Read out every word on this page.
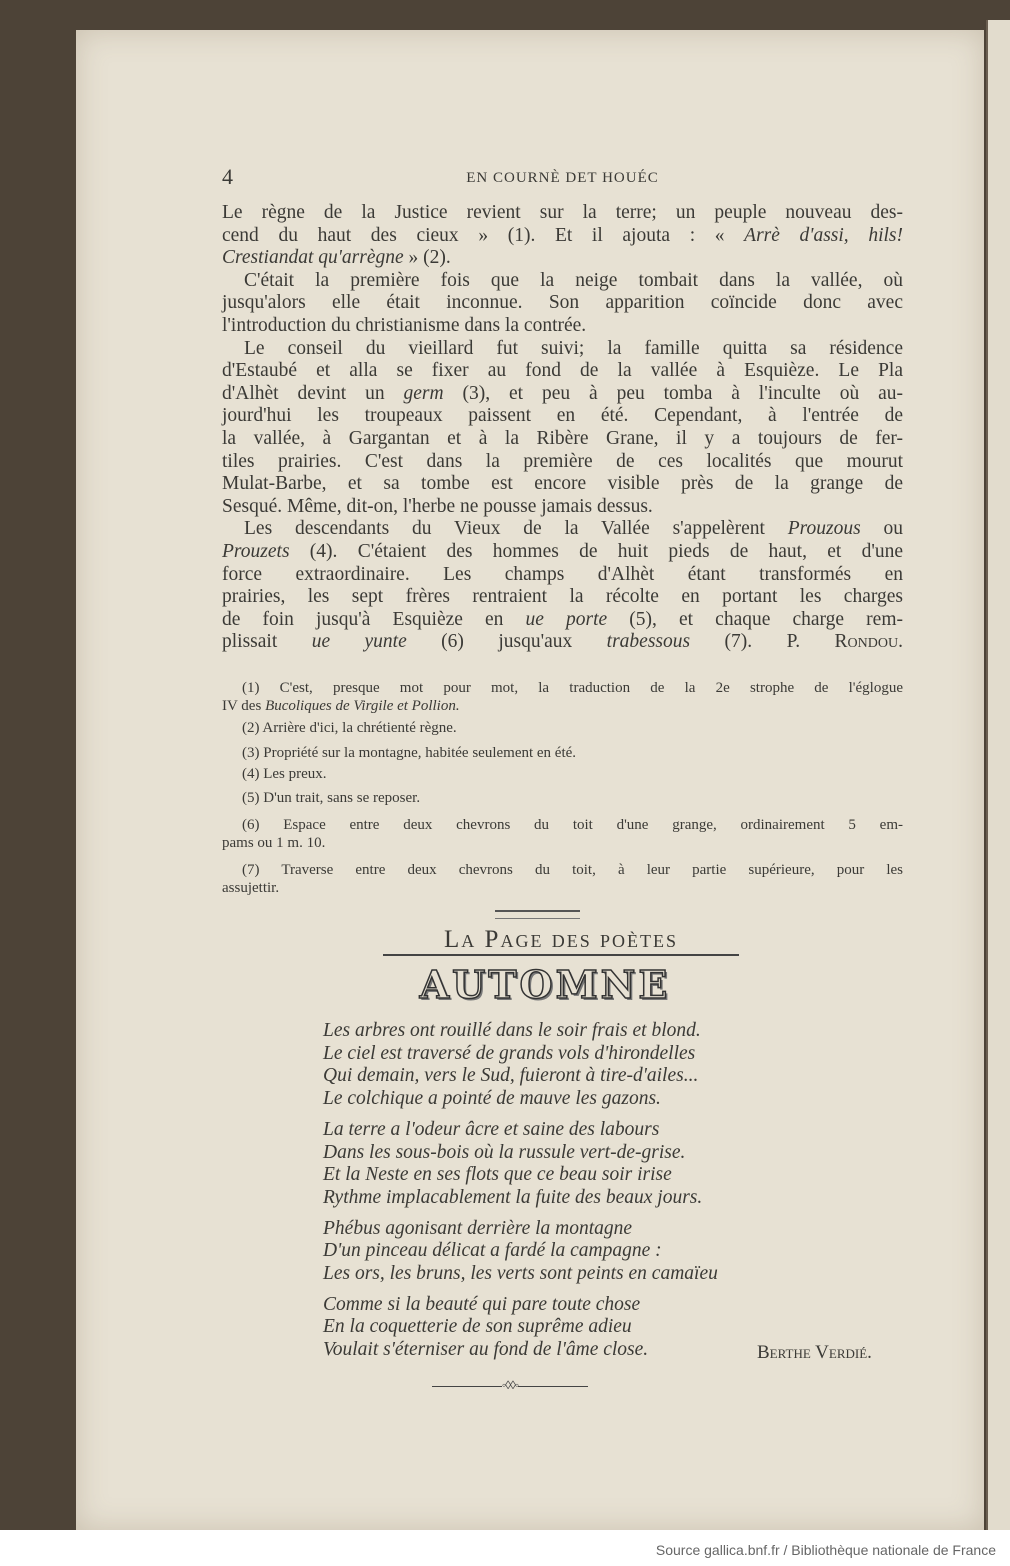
4	EN COURNÈ DET HOUÉC
Le règne de la Justice revient sur la terre; un peuple nouveau des-
cend du haut des cieux » (1). Et il ajouta : « Arrè d'assi, hils!
Crestiandat qu'arrègne » (2).
C'était la première fois que la neige tombait dans la vallée, où
jusqu'alors elle était inconnue. Son apparition coïncide donc avec
l'introduction du christianisme dans la contrée.
Le conseil du vieillard fut suivi; la famille quitta sa résidence
d'Estaubé et alla se fixer au fond de la vallée à Esquièze. Le Pla
d'Alhèt devint un germ (3), et peu à peu tomba à l'inculte où au-
jourd'hui les troupeaux paissent en été. Cependant, à l'entrée de
la vallée, à Gargantan et à la Ribère Grane, il y a toujours de fer-
tiles prairies. C'est dans la première de ces localités que mourut
Mulat-Barbe, et sa tombe est encore visible près de la grange de
Sesqué. Même, dit-on, l'herbe ne pousse jamais dessus.
Les descendants du Vieux de la Vallée s'appelèrent Prouzous ou
Prouzets (4). C'étaient des hommes de huit pieds de haut, et d'une
force extraordinaire. Les champs d'Alhèt étant transformés en
prairies, les sept frères rentraient la récolte en portant les charges
de foin jusqu'à Esquièze en ue porte (5), et chaque charge rem-
plissait ue yunte (6) jusqu'aux trabessous (7). P. Rondou.
(1) C'est, presque mot pour mot, la traduction de la 2e strophe de l'églogue
IV des Bucoliques de Virgile et Pollion.
(2) Arrière d'ici, la chrétienté règne.
(3) Propriété sur la montagne, habitée seulement en été.
(4) Les preux.
(5) D'un trait, sans se reposer.
(6) Espace entre deux chevrons du toit d'une grange, ordinairement 5 em-
pams ou 1 m. 10.
(7) Traverse entre deux chevrons du toit, à leur partie supérieure, pour les
assujettir.
La Page des poètes
AUTOMNE
Les arbres ont rouillé dans le soir frais et blond.
Le ciel est traversé de grands vols d'hirondelles
Qui demain, vers le Sud, fuieront à tire-d'ailes...
Le colchique a pointé de mauve les gazons.
La terre a l'odeur âcre et saine des labours
Dans les sous-bois où la russule vert-de-grise.
Et la Neste en ses flots que ce beau soir irise
Rythme implacablement la fuite des beaux jours.
Phébus agonisant derrière la montagne
D'un pinceau délicat a fardé la campagne :
Les ors, les bruns, les verts sont peints en camaïeu
Comme si la beauté qui pare toute chose
En la coquetterie de son suprême adieu
Voulait s'éterniser au fond de l'âme close.	Berthe Verdié.
◦◊◊◦
Source gallica.bnf.fr / Bibliothèque nationale de France
